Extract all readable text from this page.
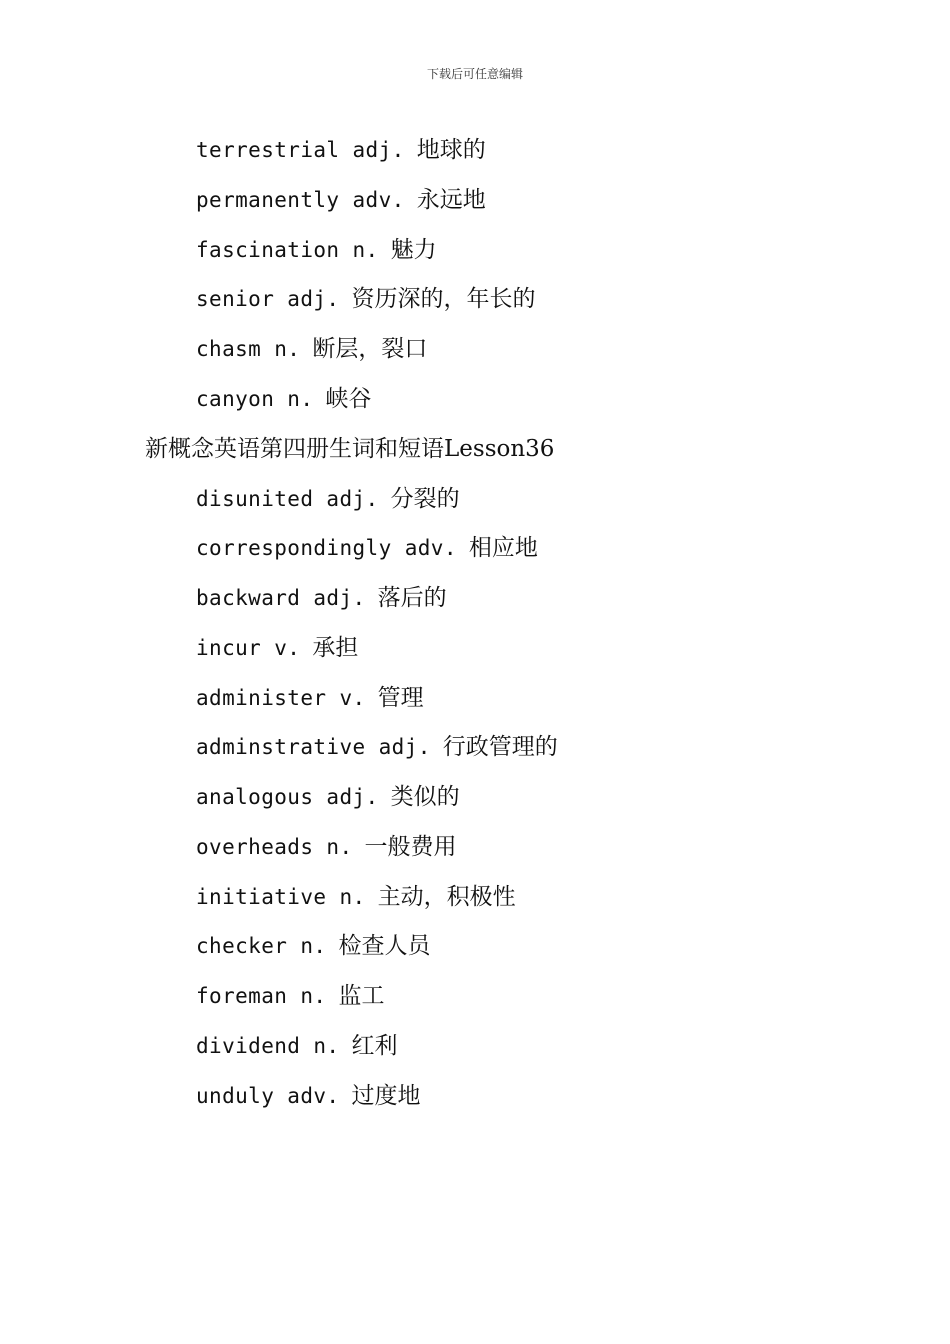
下载后可任意编辑
terrestrial adj. 地球的
permanently adv. 永远地
fascination n. 魅力
senior adj. 资历深的，年长的
chasm n. 断层，裂口
canyon n. 峡谷
新概念英语第四册生词和短语Lesson36
disunited adj. 分裂的
correspondingly adv. 相应地
backward adj. 落后的
incur v. 承担
administer v. 管理
adminstrative adj. 行政管理的
analogous adj. 类似的
overheads n. 一般费用
initiative n. 主动，积极性
checker n. 检查人员
foreman n. 监工
dividend n. 红利
unduly adv. 过度地
